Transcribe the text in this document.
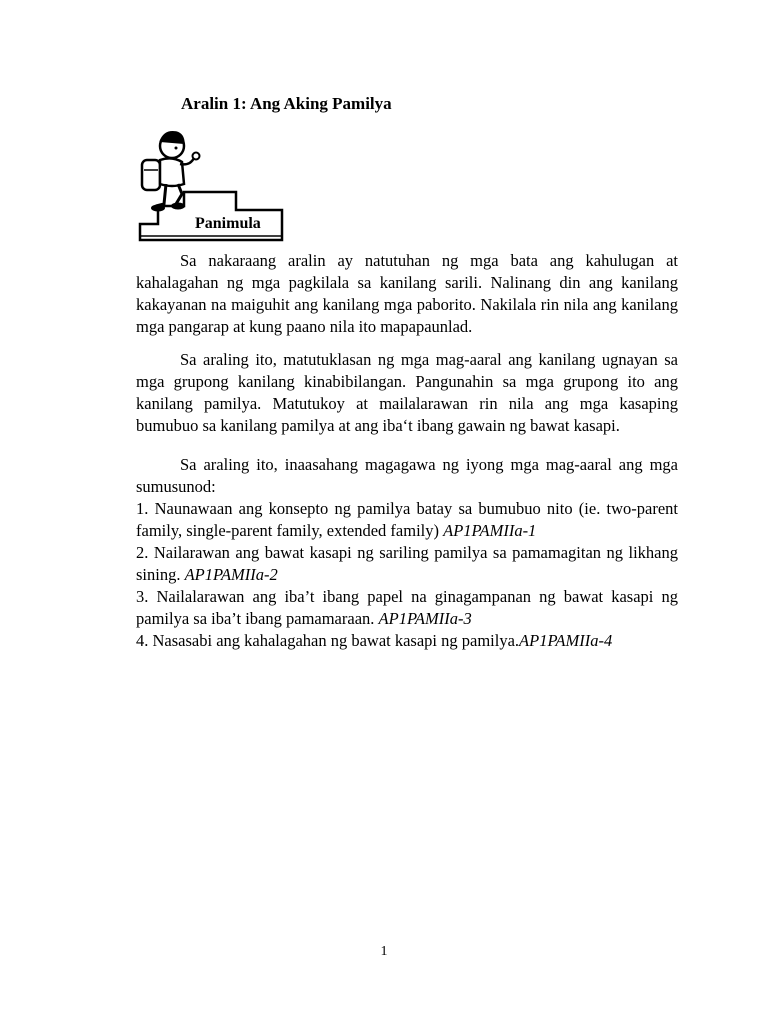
Aralin 1: Ang Aking Pamilya
Panimula

Sa nakaraang aralin ay natutuhan ng mga bata ang kahulugan at kahalagahan ng mga pagkilala sa kanilang sarili. Nalinang din ang kanilang kakayanan na maiguhit ang kanilang mga paborito. Nakilala rin nila ang kanilang mga pangarap at kung paano nila ito mapapaunlad.

Sa araling ito, matutuklasan ng mga mag-aaral ang kanilang ugnayan sa mga grupong kanilang kinabibilangan. Pangunahin sa mga grupong ito ang kanilang pamilya. Matutukoy at mailalarawan rin nila ang mga kasaping bumubuo sa kanilang pamilya at ang iba‘t ibang gawain ng bawat kasapi.

Sa araling ito, inaasahang magagawa ng iyong mga mag-aaral ang mga sumusunod:

1. Naunawaan ang konsepto ng pamilya batay sa bumubuo nito (ie. two-parent family, single-parent family, extended family) AP1PAMIIa-1

2. Nailarawan ang bawat kasapi ng sariling pamilya sa pamamagitan ng likhang sining. AP1PAMIIa-2

3. Nailalarawan ang iba’t ibang papel na ginagampanan ng bawat kasapi ng pamilya sa iba’t ibang pamamaraan. AP1PAMIIa-3

4. Nasasabi ang kahalagahan ng bawat kasapi ng pamilya.AP1PAMIIa-4

1
